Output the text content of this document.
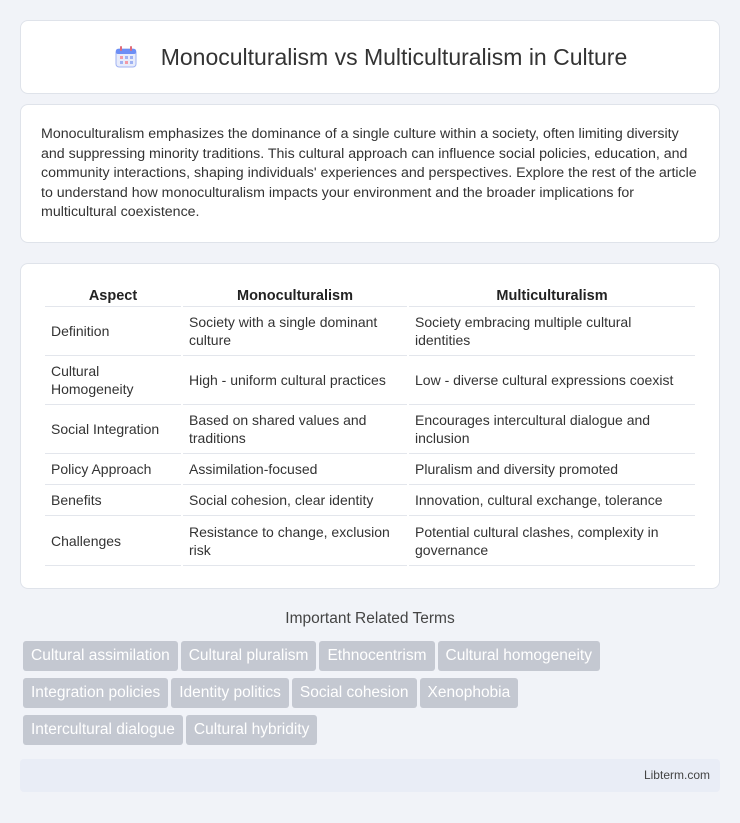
Monoculturalism vs Multiculturalism in Culture

Monoculturalism emphasizes the dominance of a single culture within a society, often limiting diversity and suppressing minority traditions. This cultural approach can influence social policies, education, and community interactions, shaping individuals' experiences and perspectives. Explore the rest of the article to understand how monoculturalism impacts your environment and the broader implications for multicultural coexistence.

Aspect	Monoculturalism	Multiculturalism
Definition	Society with a single dominant culture	Society embracing multiple cultural identities
Cultural Homogeneity	High - uniform cultural practices	Low - diverse cultural expressions coexist
Social Integration	Based on shared values and traditions	Encourages intercultural dialogue and inclusion
Policy Approach	Assimilation-focused	Pluralism and diversity promoted
Benefits	Social cohesion, clear identity	Innovation, cultural exchange, tolerance
Challenges	Resistance to change, exclusion risk	Potential cultural clashes, complexity in governance
Important Related Terms
Cultural assimilation Cultural pluralism Ethnocentrism Cultural homogeneity
Integration policies Identity politics Social cohesion Xenophobia
Intercultural dialogue Cultural hybridity
Libterm.com
